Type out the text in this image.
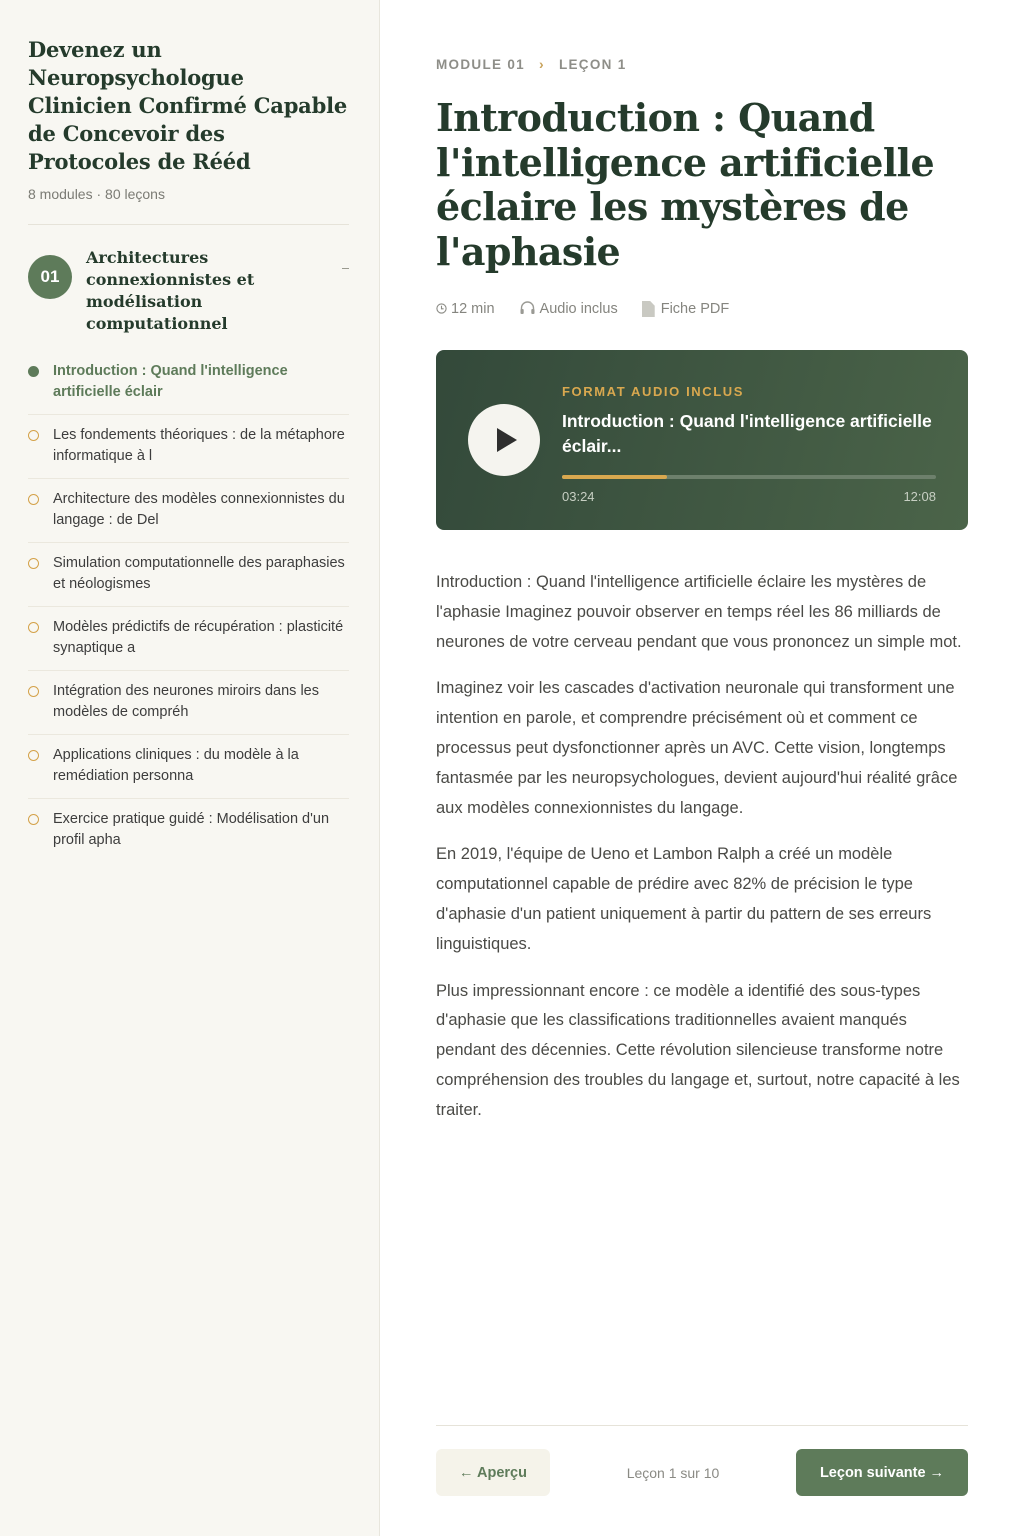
Devenez un Neuropsychologue Clinicien Confirmé Capable de Concevoir des Protocoles de Rééd
8 modules · 80 leçons
01
Architectures connexionnistes et modélisation computationnel
Introduction : Quand l'intelligence artificielle éclair
Les fondements théoriques : de la métaphore informatique à l
Architecture des modèles connexionnistes du langage : de Del
Simulation computationnelle des paraphasies et néologismes
Modèles prédictifs de récupération : plasticité synaptique a
Intégration des neurones miroirs dans les modèles de compréh
Applications cliniques : du modèle à la remédiation personna
Exercice pratique guidé : Modélisation d'un profil apha
MODULE 01 › LEÇON 1
Introduction : Quand l'intelligence artificielle éclaire les mystères de l'aphasie
12 min	Audio inclus	Fiche PDF
FORMAT AUDIO INCLUS
Introduction : Quand l'intelligence artificielle éclair...
03:24	12:08

Introduction : Quand l'intelligence artificielle éclaire les mystères de l'aphasie Imaginez pouvoir observer en temps réel les 86 milliards de neurones de votre cerveau pendant que vous prononcez un simple mot.

Imaginez voir les cascades d'activation neuronale qui transforment une intention en parole, et comprendre précisément où et comment ce processus peut dysfonctionner après un AVC. Cette vision, longtemps fantasmée par les neuropsychologues, devient aujourd'hui réalité grâce aux modèles connexionnistes du langage.

En 2019, l'équipe de Ueno et Lambon Ralph a créé un modèle computationnel capable de prédire avec 82% de précision le type d'aphasie d'un patient uniquement à partir du pattern de ses erreurs linguistiques.

Plus impressionnant encore : ce modèle a identifié des sous-types d'aphasie que les classifications traditionnelles avaient manqués pendant des décennies. Cette révolution silencieuse transforme notre compréhension des troubles du langage et, surtout, notre capacité à les traiter.

← Aperçu	Leçon 1 sur 10	Leçon suivante →
